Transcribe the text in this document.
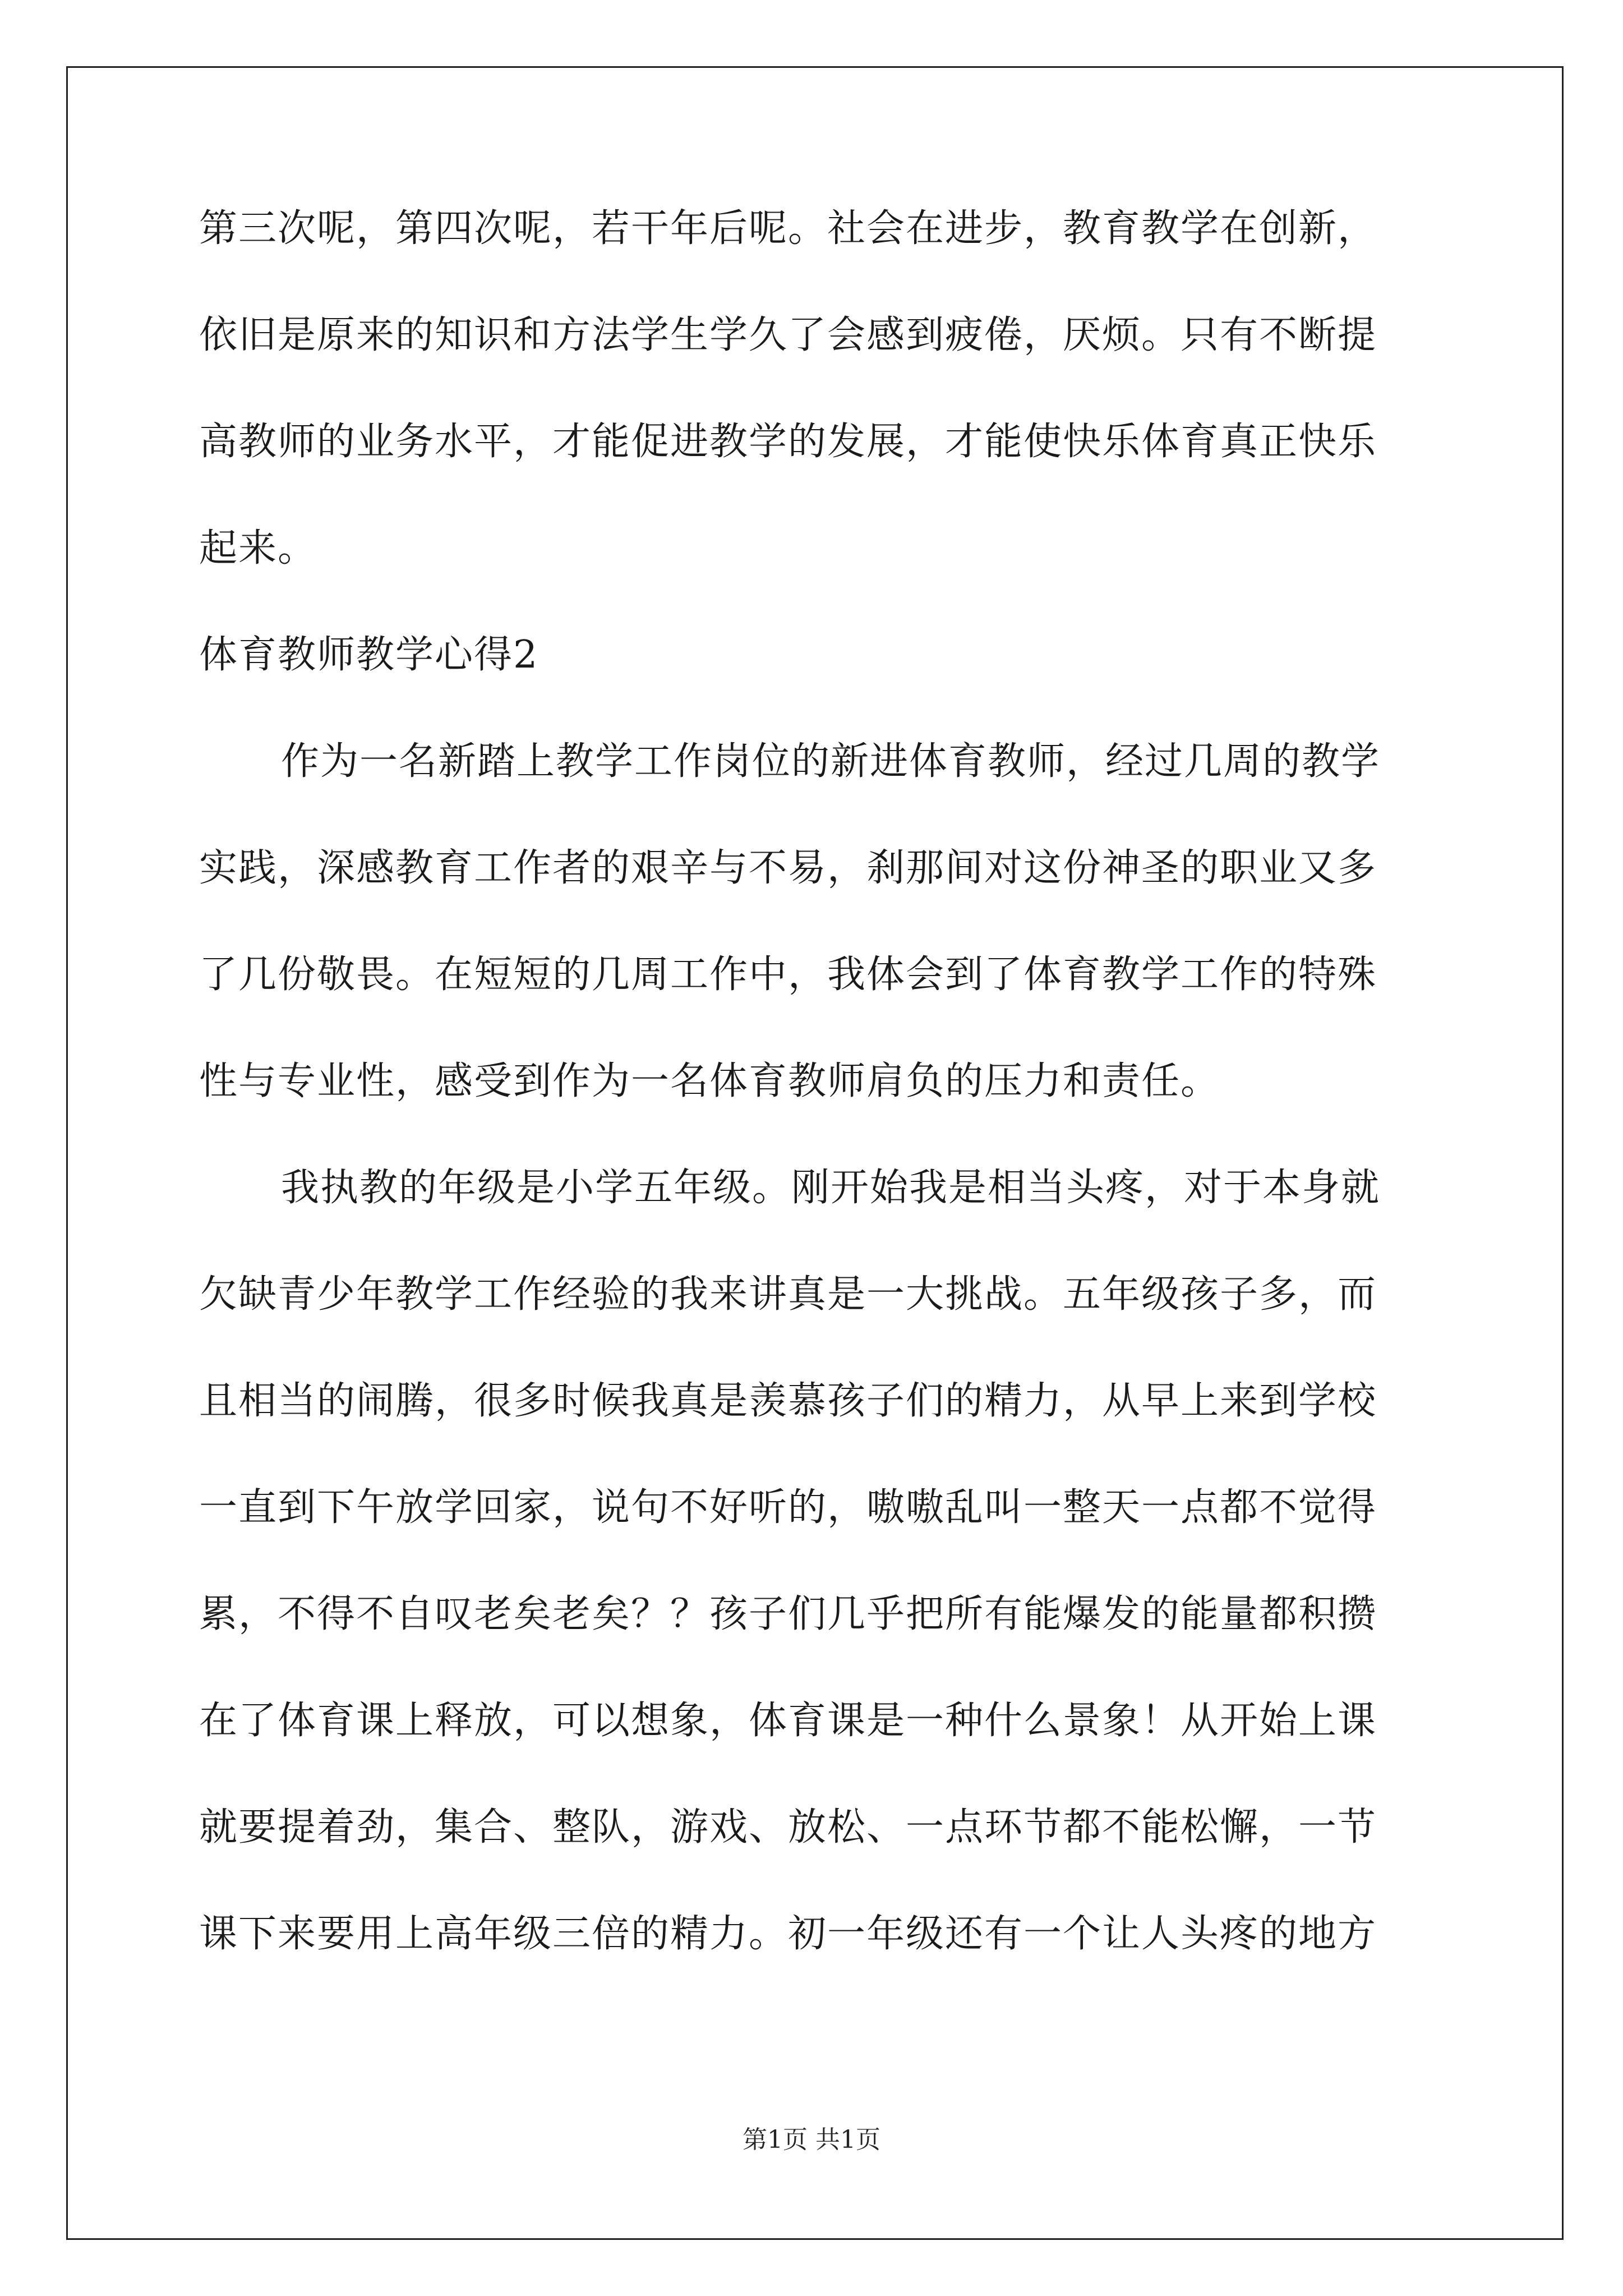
第三次呢，第四次呢，若干年后呢。社会在进步，教育教学在创新，
依旧是原来的知识和方法学生学久了会感到疲倦，厌烦。只有不断提
高教师的业务水平，才能促进教学的发展，才能使快乐体育真正快乐
起来。
体育教师教学心得2
作为一名新踏上教学工作岗位的新进体育教师，经过几周的教学
实践，深感教育工作者的艰辛与不易，刹那间对这份神圣的职业又多
了几份敬畏。在短短的几周工作中，我体会到了体育教学工作的特殊
性与专业性，感受到作为一名体育教师肩负的压力和责任。
我执教的年级是小学五年级。刚开始我是相当头疼，对于本身就
欠缺青少年教学工作经验的我来讲真是一大挑战。五年级孩子多，而
且相当的闹腾，很多时候我真是羡慕孩子们的精力，从早上来到学校
一直到下午放学回家，说句不好听的，嗷嗷乱叫一整天一点都不觉得
累，不得不自叹老矣老矣？？孩子们几乎把所有能爆发的能量都积攒
在了体育课上释放，可以想象，体育课是一种什么景象！从开始上课
就要提着劲，集合、整队，游戏、放松、一点环节都不能松懈，一节
课下来要用上高年级三倍的精力。初一年级还有一个让人头疼的地方
第1页 共1页
